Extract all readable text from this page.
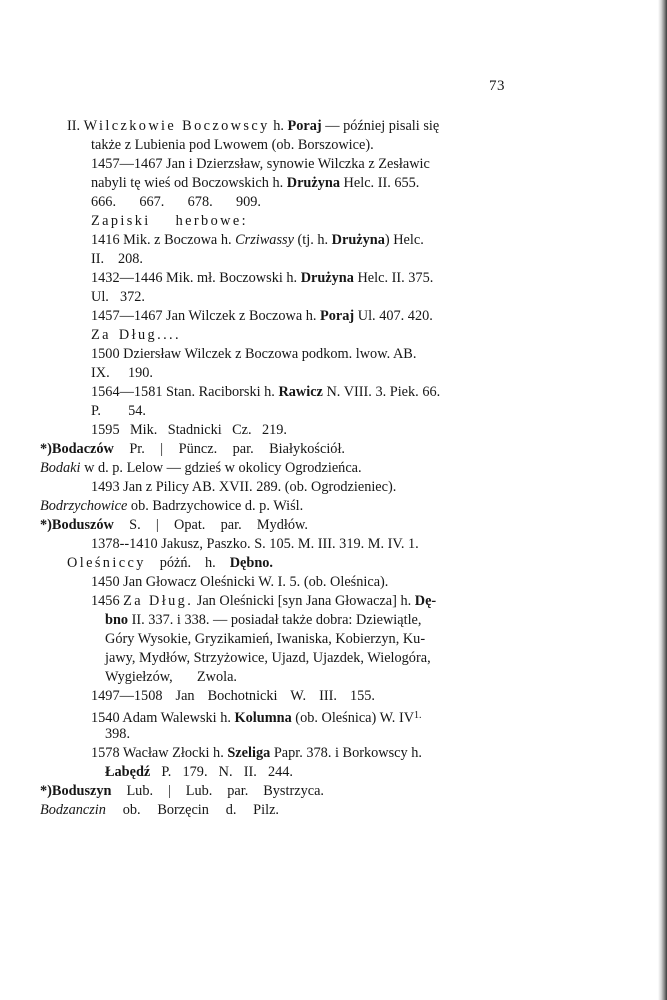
73
II. Wilczkowie Boczowscy h. Poraj — później pisali się
także z Lubienia pod Lwowem (ob. Borszowice).
1457—1467 Jan i Dzierzsław, synowie Wilczka z Zesławic
nabyli tę wieś od Boczowskich h. Drużyna Helc. II. 655.
666. 667. 678. 909.
Zapiski herbowe:
1416 Mik. z Boczowa h. Crziwassy (tj. h. Drużyna) Helc.
II. 208.
1432—1446 Mik. mł. Boczowski h. Drużyna Helc. II. 375.
Ul. 372.
1457—1467 Jan Wilczek z Boczowa h. Poraj Ul. 407. 420.
Za Dług....
1500 Dziersław Wilczek z Boczowa podkom. lwow. AB.
IX. 190.
1564—1581 Stan. Raciborski h. Rawicz N. VIII. 3. Piek. 66.
P. 54.
1595 Mik. Stadnicki Cz. 219.
*)Bodaczów Pr. | Püncz. par. Białykościół.
Bodaki w d. p. Lelow — gdzieś w okolicy Ogrodzieńca.
1493 Jan z Pilicy AB. XVII. 289. (ob. Ogrodzieniec).
Bodrzychowice ob. Badrzychowice d. p. Wiśl.
*)Boduszów S. | Opat. par. Mydłów.
1378--1410 Jakusz, Paszko. S. 105. M. III. 319. M. IV. 1.
Oleśniccy póżń. h. Dębno.
1450 Jan Głowacz Oleśnicki W. I. 5. (ob. Oleśnica).
1456 Za Dług. Jan Oleśnicki [syn Jana Głowacza] h. Dę-
bno II. 337. i 338. — posiadał także dobra: Dziewiątle,
Góry Wysokie, Gryzikamień, Iwaniska, Kobierzyn, Ku-
jawy, Mydłów, Strzyżowice, Ujazd, Ujazdek, Wielogóra,
Wygiełzów, Zwola.
1497—1508 Jan Bochotnicki W. III. 155.
1540 Adam Walewski h. Kolumna (ob. Oleśnica) W. $IV^{1.}$
398.
1578 Wacław Złocki h. Szeliga Papr. 378. i Borkowscy h.
Łabędź P. 179. N. II. 244.
*)Boduszyn Lub. | Lub. par. Bystrzyca.
Bodzanczin ob. Borzęcin d. Pilz.
